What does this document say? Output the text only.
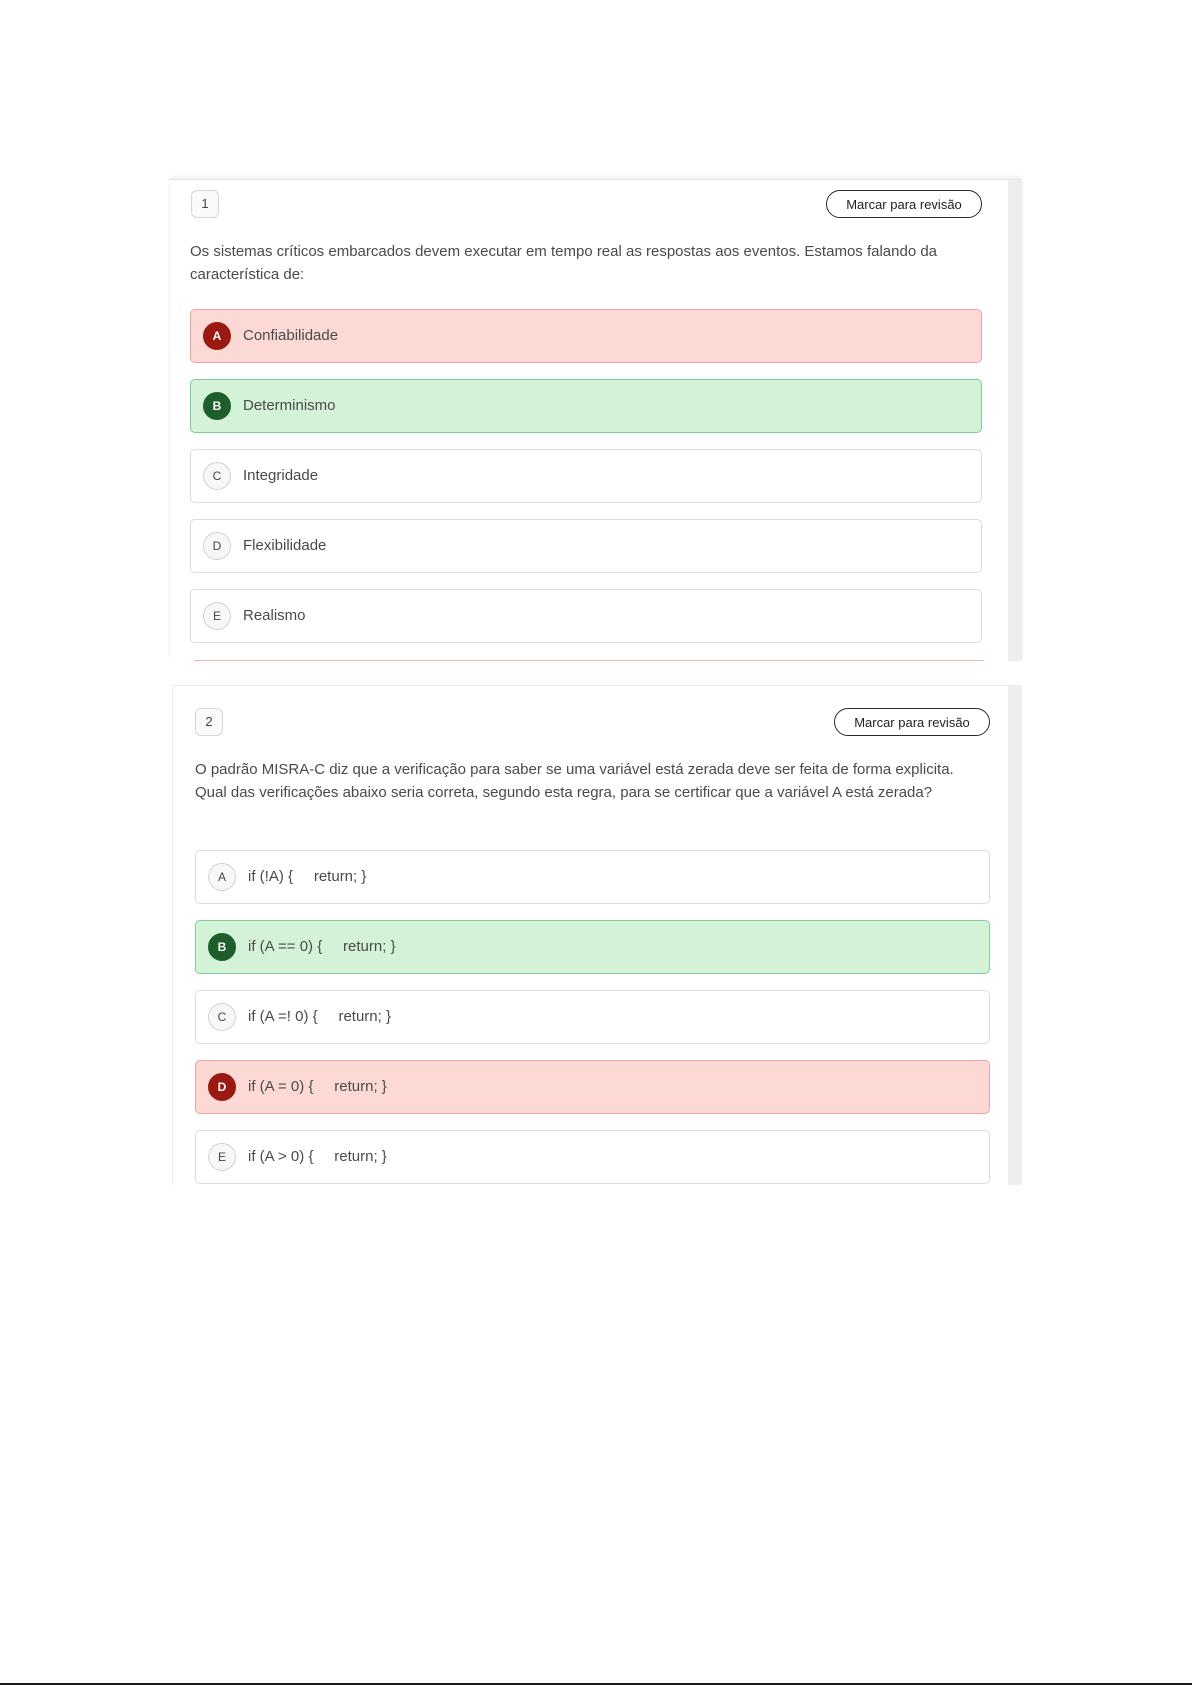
1	Marcar para revisão
Os sistemas críticos embarcados devem executar em tempo real as respostas aos eventos. Estamos falando da característica de:
A	Confiabilidade
B	Determinismo
C	Integridade
D	Flexibilidade
E	Realismo
2	Marcar para revisão
O padrão MISRA-C diz que a verificação para saber se uma variável está zerada deve ser feita de forma explicita. Qual das verificações abaixo seria correta, segundo esta regra, para se certificar que a variável A está zerada?
A	if (!A) {     return; }
B	if (A == 0) {     return; }
C	if (A =! 0) {     return; }
D	if (A = 0) {     return; }
E	if (A > 0) {     return; }
